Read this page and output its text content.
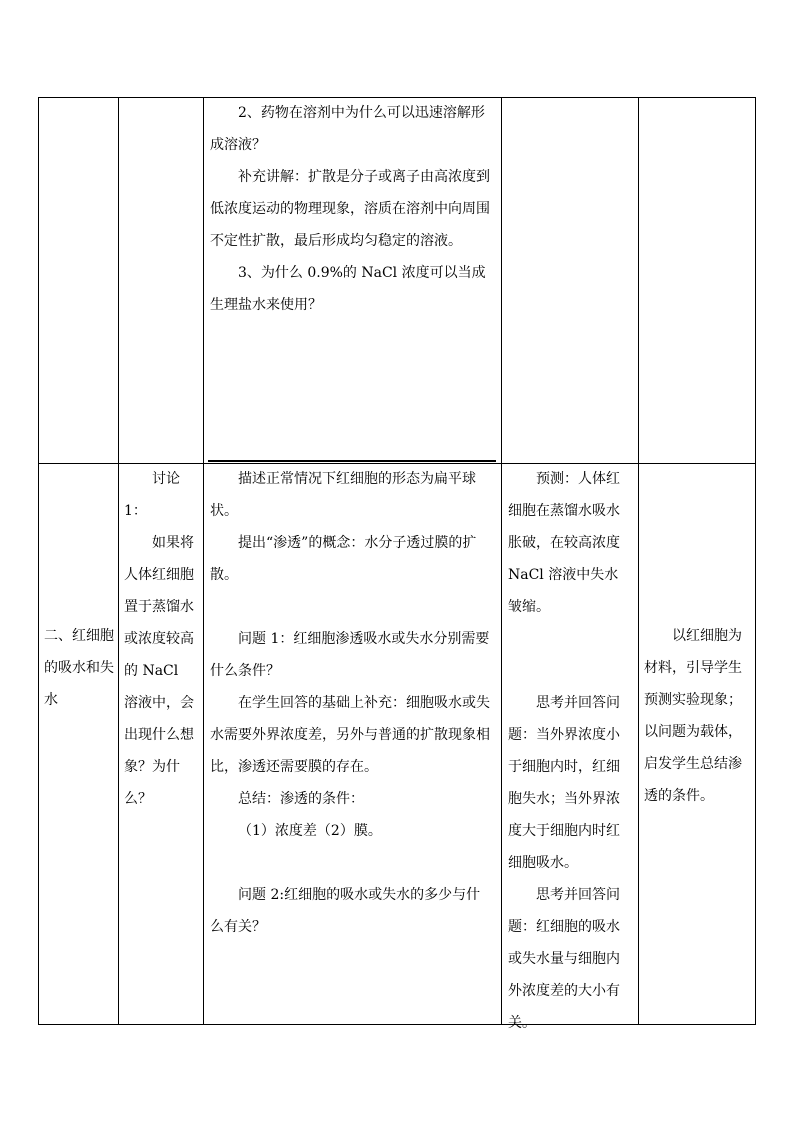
2、药物在溶剂中为什么可以迅速溶解形成溶液？

补充讲解：扩散是分子或离子由高浓度到低浓度运动的物理现象，溶质在溶剂中向周围不定性扩散，最后形成均匀稳定的溶液。

3、为什么 0.9%的 NaCl 浓度可以当成生理盐水来使用？

二、红细胞的吸水和失水

讨论1：

如果将人体红细胞置于蒸馏水或浓度较高的 NaCl 溶液中，会出现什么想象？为什么？

描述正常情况下红细胞的形态为扁平球状。

提出“渗透”的概念：水分子透过膜的扩散。

问题 1：红细胞渗透吸水或失水分别需要什么条件？

在学生回答的基础上补充：细胞吸水或失水需要外界浓度差，另外与普通的扩散现象相比，渗透还需要膜的存在。

总结：渗透的条件：

（1）浓度差（2）膜。

问题 2:红细胞的吸水或失水的多少与什么有关？

预测：人体红细胞在蒸馏水吸水胀破，在较高浓度 NaCl 溶液中失水皱缩。

思考并回答问题：当外界浓度小于细胞内时，红细胞失水；当外界浓度大于细胞内时红细胞吸水。

思考并回答问题：红细胞的吸水或失水量与细胞内外浓度差的大小有关。

以红细胞为材料，引导学生预测实验现象；以问题为载体，启发学生总结渗透的条件。
